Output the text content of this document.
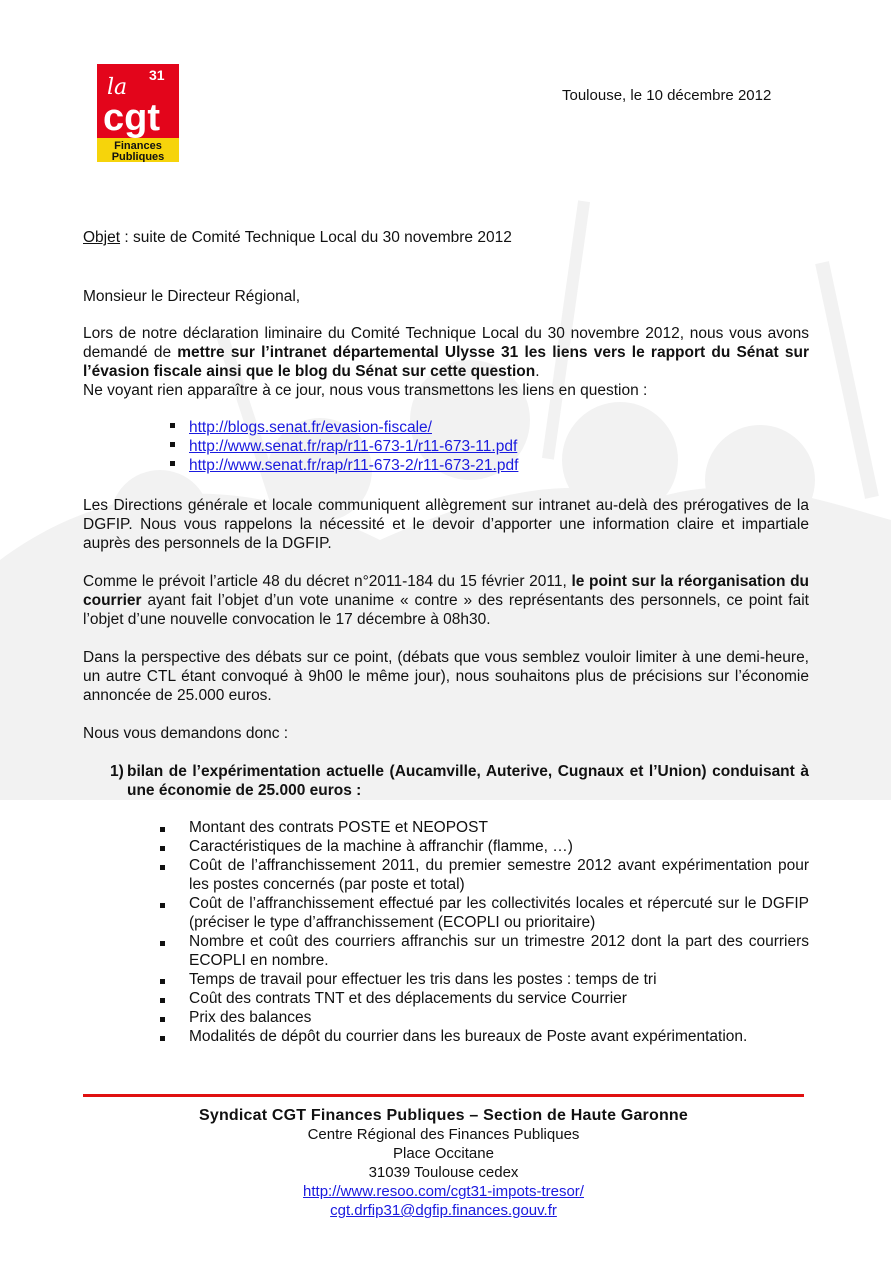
31
la
cgt
Finances
Publiques
Toulouse, le 10 décembre 2012
Objet : suite de Comité Technique Local du 30 novembre 2012
Monsieur le Directeur Régional,
Lors de notre déclaration liminaire du Comité Technique Local du 30 novembre 2012, nous vous avons demandé de mettre sur l’intranet départemental Ulysse 31 les liens vers le rapport du Sénat sur l’évasion fiscale ainsi que le blog du Sénat sur cette question.
Ne voyant rien apparaître à ce jour, nous vous transmettons les liens en question :
http://blogs.senat.fr/evasion-fiscale/
http://www.senat.fr/rap/r11-673-1/r11-673-11.pdf
http://www.senat.fr/rap/r11-673-2/r11-673-21.pdf
Les Directions générale et locale communiquent allègrement sur intranet au-delà des prérogatives de la DGFIP. Nous vous rappelons la nécessité et le devoir d’apporter une information claire et impartiale auprès des personnels de la DGFIP.
Comme le prévoit l’article 48 du décret n°2011-184 du 15 février 2011, le point sur la réorganisation du courrier ayant fait l’objet d’un vote unanime « contre » des représentants des personnels, ce point fait l’objet d’une nouvelle convocation le 17 décembre à 08h30.
Dans la perspective des débats sur ce point, (débats que vous semblez vouloir limiter à une demi-heure, un autre CTL étant convoqué à 9h00 le même jour), nous souhaitons plus de précisions sur l’économie annoncée de 25.000 euros.
Nous vous demandons donc :
1) bilan de l’expérimentation actuelle (Aucamville, Auterive, Cugnaux et l’Union) conduisant à une économie de 25.000 euros :
Montant des contrats POSTE et NEOPOST
Caractéristiques de la machine à affranchir (flamme, …)
Coût de l’affranchissement 2011, du premier semestre 2012 avant expérimentation pour les postes concernés (par poste et total)
Coût de l’affranchissement effectué par les collectivités locales et répercuté sur le DGFIP (préciser le type d’affranchissement (ECOPLI ou prioritaire)
Nombre et coût des courriers affranchis sur un trimestre 2012 dont la part des courriers ECOPLI en nombre.
Temps de travail pour effectuer les tris dans les postes : temps de tri
Coût des contrats TNT et des déplacements du service Courrier
Prix des balances
Modalités de dépôt du courrier dans les bureaux de Poste avant expérimentation.
Syndicat CGT Finances Publiques – Section de Haute Garonne
Centre Régional des Finances Publiques
Place Occitane
31039 Toulouse cedex
http://www.resoo.com/cgt31-impots-tresor/
cgt.drfip31@dgfip.finances.gouv.fr
